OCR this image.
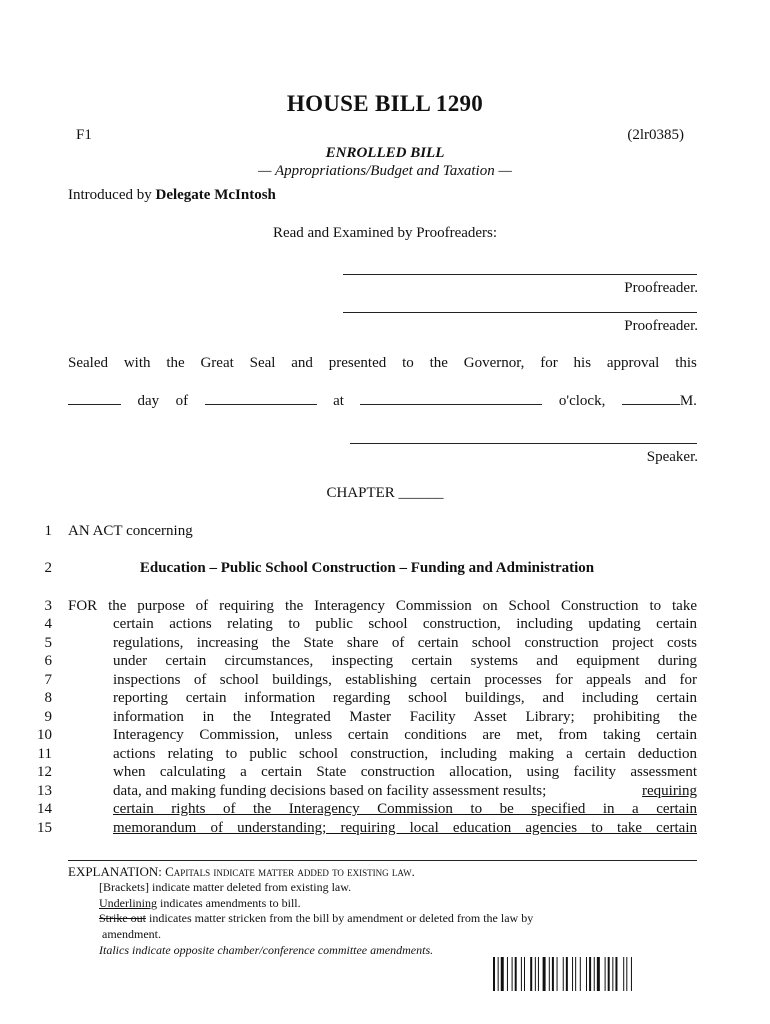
HOUSE BILL 1290
F1	(2lr0385)
ENROLLED BILL
— Appropriations/Budget and Taxation —
Introduced by Delegate McIntosh
Read and Examined by Proofreaders:
Proofreader.
Proofreader.
Sealed with the Great Seal and presented to the Governor, for his approval this
day of	at	o'clock,	M.
Speaker.
CHAPTER ______
1
2
3
4
5
6
7
8
9
10
11
12
13
14
15
AN ACT concerning
Education – Public School Construction – Funding and Administration
FOR the purpose of requiring the Interagency Commission on School Construction to take
certain actions relating to public school construction, including updating certain
regulations, increasing the State share of certain school construction project costs
under certain circumstances, inspecting certain systems and equipment during
inspections of school buildings, establishing certain processes for appeals and for
reporting certain information regarding school buildings, and including certain
information in the Integrated Master Facility Asset Library; prohibiting the
Interagency Commission, unless certain conditions are met, from taking certain
actions relating to public school construction, including making a certain deduction
when calculating a certain State construction allocation, using facility assessment
data, and making funding decisions based on facility assessment results;	requiring
certain rights of the Interagency Commission to be specified in a certain
memorandum of understanding; requiring local education agencies to take certain
EXPLANATION: Capitals indicate matter added to existing law.
[Brackets] indicate matter deleted from existing law.
Underlining indicates amendments to bill.
Strike out indicates matter stricken from the bill by amendment or deleted from the law by
amendment.
Italics indicate opposite chamber/conference committee amendments.
